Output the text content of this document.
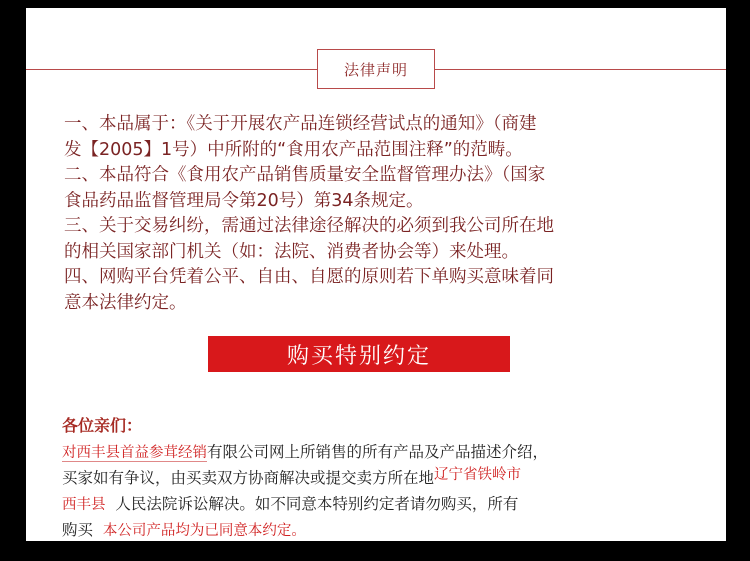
法律声明

一、本品属于：《关于开展农产品连锁经营试点的通知》（商建

发【2005】1号）中所附的“食用农产品范围注释”的范畴。

二、本品符合《食用农产品销售质量安全监督管理办法》（国家

食品药品监督管理局令第20号）第34条规定。

三、关于交易纠纷，需通过法律途径解决的必须到我公司所在地

的相关国家部门机关（如：法院、消费者协会等）来处理。

四、网购平台凭着公平、自由、自愿的原则若下单购买意味着同

意本法律约定。

购买特别约定
各位亲们：

对西丰县首益参茸经销有限公司网上所销售的所有产品及产品描述介绍，

买家如有争议，由买卖双方协商解决或提交卖方所在地辽宁省铁岭市

西丰县 人民法院诉讼解决。如不同意本特别约定者请勿购买，所有

购买 本公司产品均为已同意本约定。
